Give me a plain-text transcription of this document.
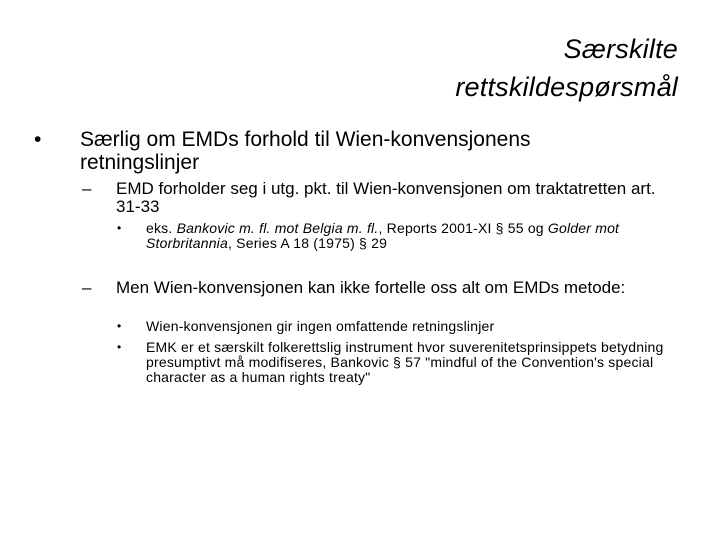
Særskilte
rettskildespørsmål
• Særlig om EMDs forhold til Wien-konvensjonens retningslinjer
– EMD forholder seg i utg. pkt. til Wien-konvensjonen om traktatretten art. 31-33
• eks. Bankovic m. fl. mot Belgia m. fl., Reports 2001-XI § 55 og Golder mot Storbritannia, Series A 18 (1975) § 29
– Men Wien-konvensjonen kan ikke fortelle oss alt om EMDs metode:
• Wien-konvensjonen gir ingen omfattende retningslinjer
• EMK er et særskilt folkerettslig instrument hvor suverenitetsprinsippets betydning presumptivt må modifiseres, Bankovic § 57 "mindful of the Convention's special character as a human rights treaty"
